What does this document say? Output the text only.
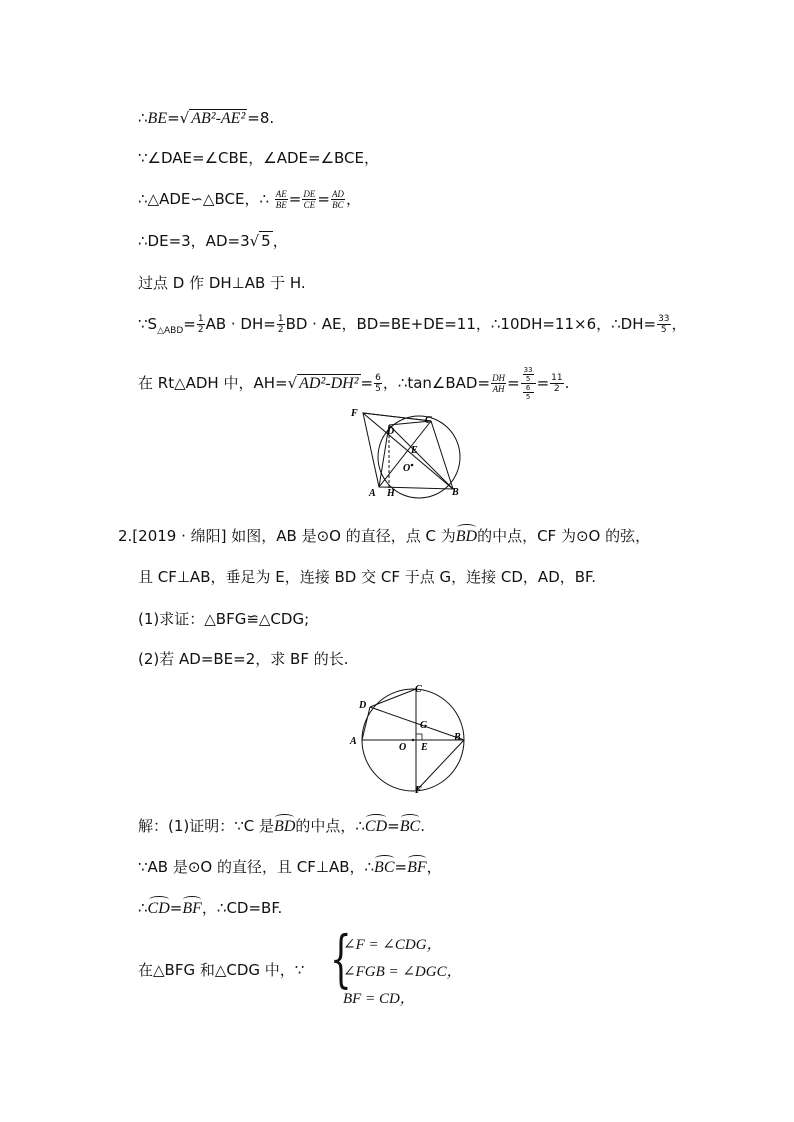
∴BE=√ AB²-AE² =8.
∵∠DAE=∠CBE，∠ADE=∠BCE，
∴△ADE∽△BCE，∴ $\frac{AE}{BE} = \frac{DE}{CE} = \frac{AD}{BC}$ ，
∴DE=3，AD=3√ 5 ，
过点 D 作 DH⊥AB 于 H.
$\because S_{\triangle ABD}= \frac{1}{2}$ AB · $DH= \frac{1}{2}$ BD · AE，BD=BE+DE=11，∴10DH=11×6，∴DH= $\frac{33}{5}$ ，
在 Rt△ADH 中，AH=√ $AD^2-DH^2 = \frac{6}{5}$ ，∴tan∠BAD= $\frac{DH}{AH} = 33$
5
6
$5 = \frac{11}{2}$ .
F
D
C
E
O
A H	B
2.[2019 · 绵阳] 如图，AB 是⊙O 的直径，点 C 为BD的中点，CF 为⊙O 的弦，
且 CF⊥AB，垂足为 E，连接 BD 交 CF 于点 G，连接 CD，AD，BF.
(1)求证：△BFG≌△CDG;
(2)若 AD=BE=2，求 BF 的长.
C
D
G
A
O E
B
F
解：(1)证明：∵C 是BD的中点，∴CD=BC.
∵AB 是⊙O 的直径，且 CF⊥AB，∴BC=BF，
∴CD=BF，∴CD=BF.
在△BFG 和△CDG 中，∵ {
∠F = ∠CDG，
∠FGB = ∠DGC，
BF = CD，
